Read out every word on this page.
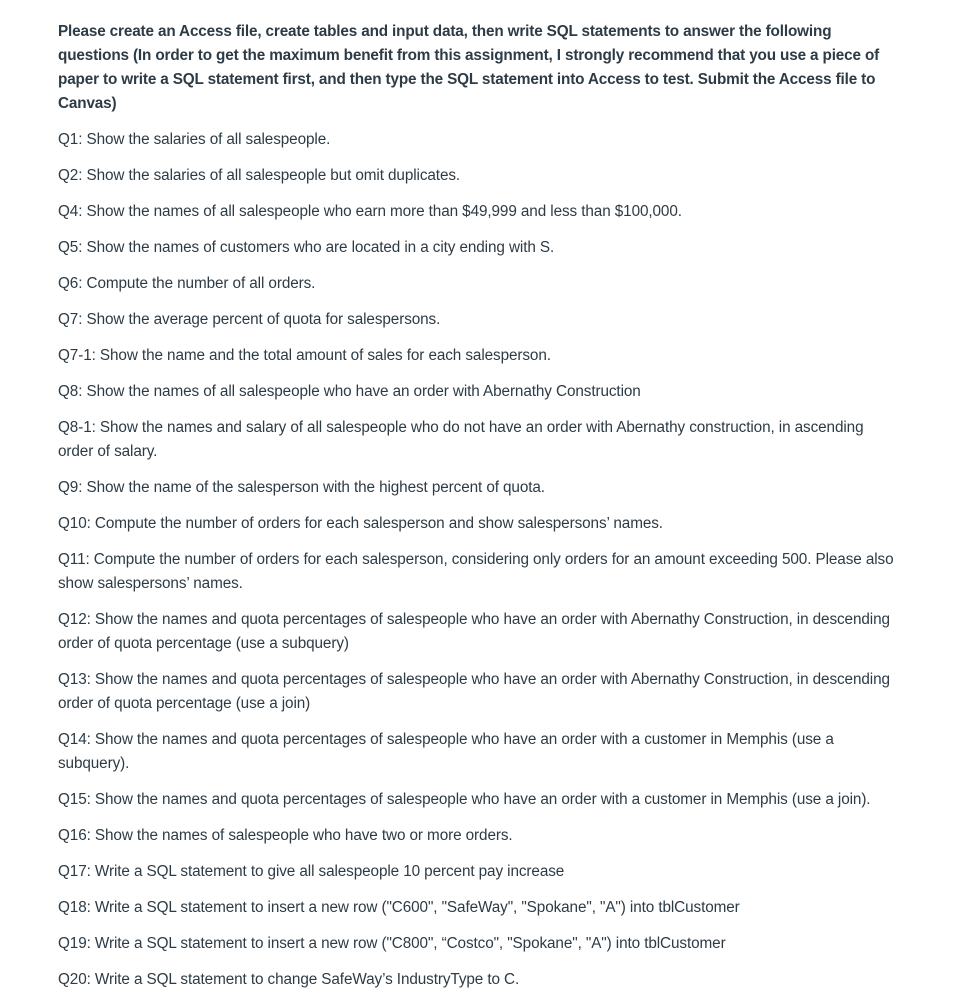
Please create an Access file, create tables and input data, then write SQL statements to answer the following questions (In order to get the maximum benefit from this assignment, I strongly recommend that you use a piece of paper to write a SQL statement first, and then type the SQL statement into Access to test. Submit the Access file to Canvas)

Q1: Show the salaries of all salespeople.

Q2: Show the salaries of all salespeople but omit duplicates.

Q4: Show the names of all salespeople who earn more than $49,999 and less than $100,000.

Q5: Show the names of customers who are located in a city ending with S.

Q6: Compute the number of all orders.

Q7: Show the average percent of quota for salespersons.

Q7-1: Show the name and the total amount of sales for each salesperson.

Q8: Show the names of all salespeople who have an order with Abernathy Construction

Q8-1: Show the names and salary of all salespeople who do not have an order with Abernathy construction, in ascending order of salary.

Q9: Show the name of the salesperson with the highest percent of quota.

Q10: Compute the number of orders for each salesperson and show salespersons’ names.

Q11: Compute the number of orders for each salesperson, considering only orders for an amount exceeding 500. Please also show salespersons’ names.

Q12: Show the names and quota percentages of salespeople who have an order with Abernathy Construction, in descending order of quota percentage (use a subquery)

Q13: Show the names and quota percentages of salespeople who have an order with Abernathy Construction, in descending order of quota percentage (use a join)

Q14: Show the names and quota percentages of salespeople who have an order with a customer in Memphis (use a subquery).

Q15: Show the names and quota percentages of salespeople who have an order with a customer in Memphis (use a join).

Q16: Show the names of salespeople who have two or more orders.

Q17: Write a SQL statement to give all salespeople 10 percent pay increase

Q18: Write a SQL statement to insert a new row ("C600", "SafeWay", "Spokane", "A") into tblCustomer

Q19: Write a SQL statement to insert a new row ("C800", “Costco", "Spokane", "A") into tblCustomer

Q20: Write a SQL statement to change SafeWay’s IndustryType to C.
